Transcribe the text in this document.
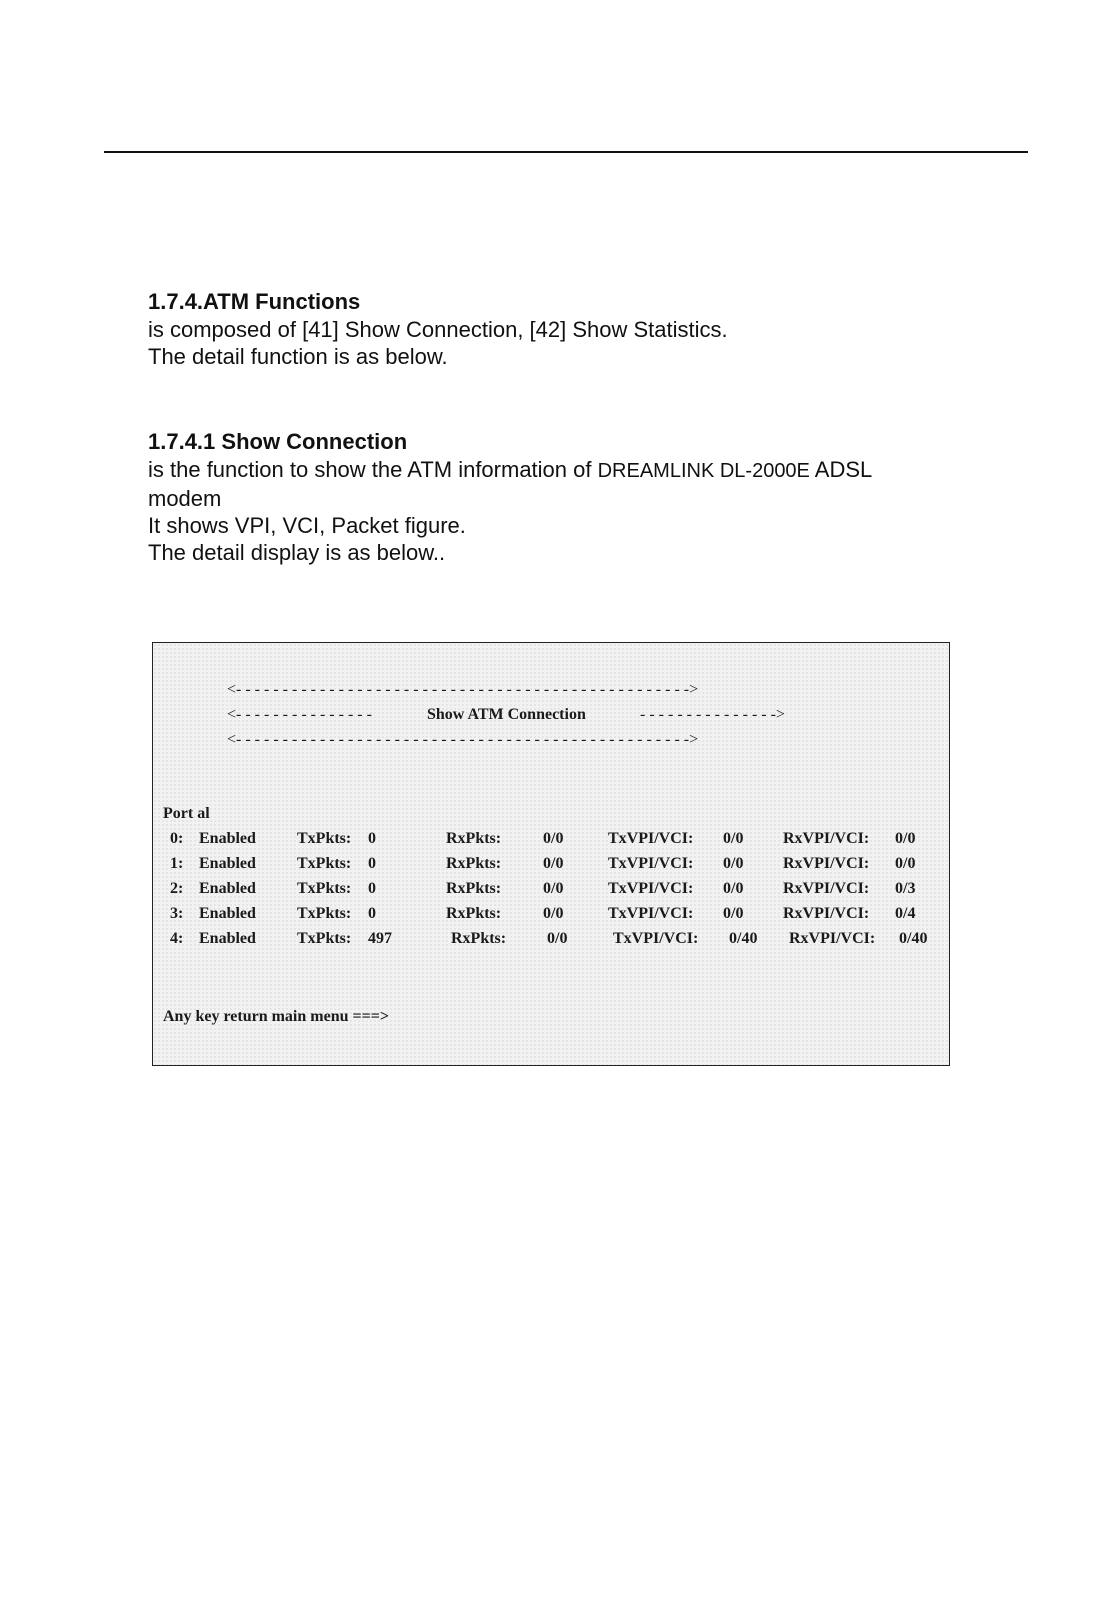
1.7.4.ATM Functions

is composed of [41] Show Connection, [42] Show Statistics.

The detail function is as below.

1.7.4.1 Show Connection

is the function to show the ATM information of DREAMLINK DL-2000E ADSL

modem

It shows VPI, VCI, Packet figure.

The detail display is as below..

<- - - - - - - - - - - - - - - - - - - - - - - - - - - - - - - - - - - - - - - - - - - - - - - - ->
<- - - - - - - - - - - - - - -	Show ATM Connection	- - - - - - - - - - - - - - ->
<- - - - - - - - - - - - - - - - - - - - - - - - - - - - - - - - - - - - - - - - - - - - - - - - ->
Port al
0: Enabled	TxPkts: 0	RxPkts:	0/0	TxVPI/VCI: 0/0 RxVPI/VCI: 0/0
1: Enabled	TxPkts: 0	RxPkts:	0/0	TxVPI/VCI: 0/0 RxVPI/VCI: 0/0
2: Enabled	TxPkts: 0	RxPkts:	0/0	TxVPI/VCI: 0/0 RxVPI/VCI: 0/3
3: Enabled	TxPkts: 0	RxPkts:	0/0	TxVPI/VCI: 0/0 RxVPI/VCI: 0/4
4: Enabled	TxPkts: 497	RxPkts:	0/0	TxVPI/VCI: 0/40 RxVPI/VCI: 0/40
Any key return main menu ===>
